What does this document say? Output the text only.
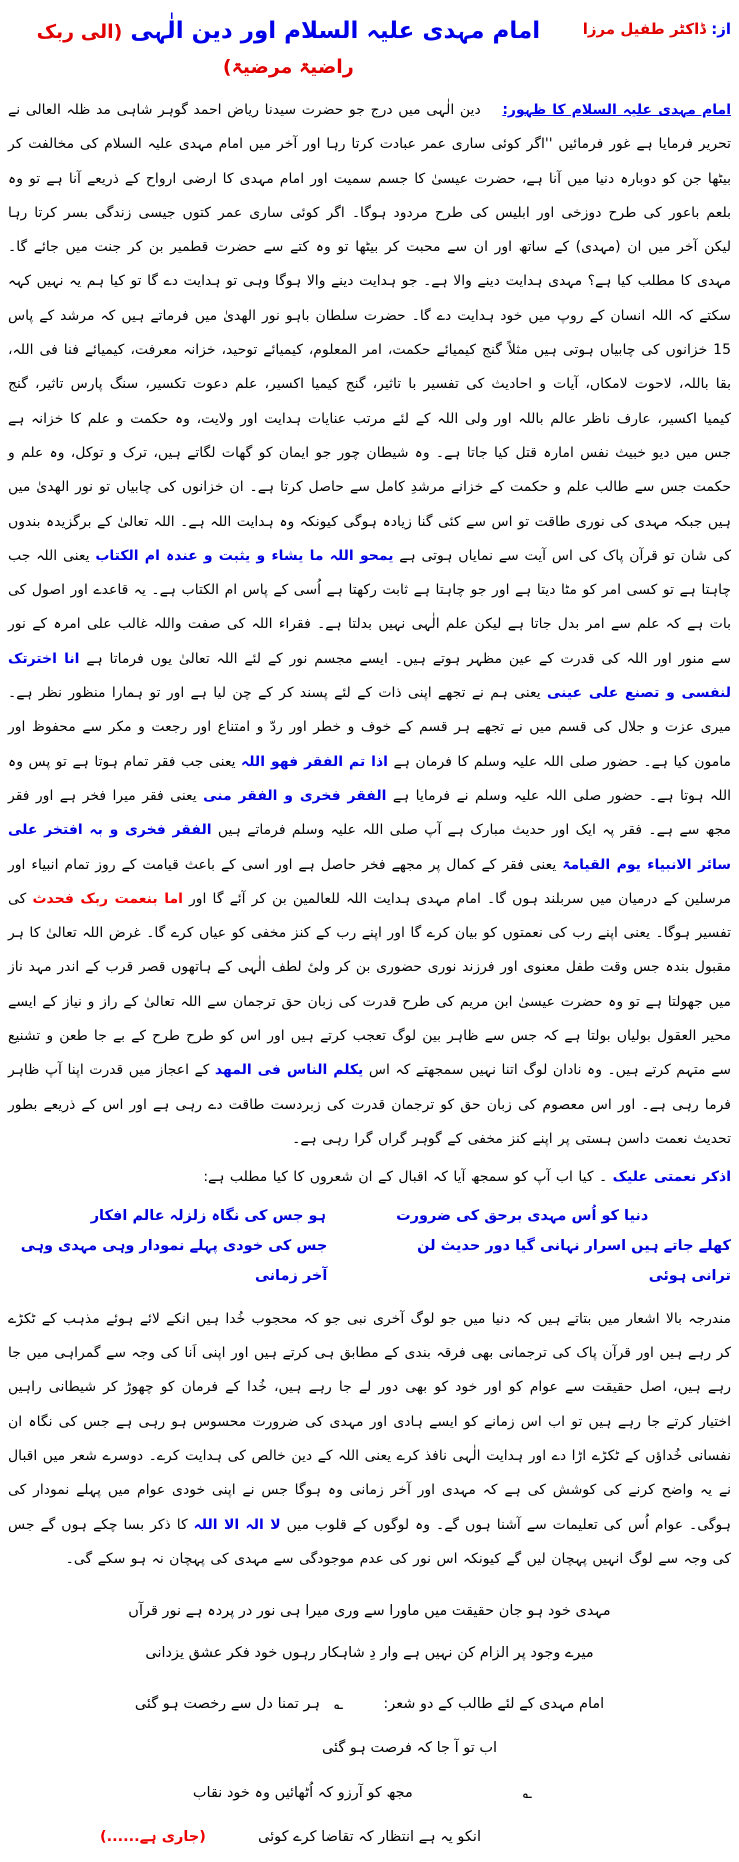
از: ڈاکٹر طفیل مرزا
امام مہدی علیہ السلام اور دین الٰہی (الی ربک راضیۃ مرضیۃ)

امام مہدی علیہ السلام کا ظہور: دین الٰہی میں درج جو حضرت سیدنا ریاض احمد گوہر شاہی مد ظلہ العالی نے تحریر فرمایا ہے غور فرمائیں ''اگر کوئی ساری عمر عبادت کرتا رہا اور آخر میں امام مہدی علیہ السلام کی مخالفت کر بیٹھا جن کو دوبارہ دنیا میں آنا ہے، حضرت عیسیٰ کا جسم سمیت اور امام مہدی کا ارضی ارواح کے ذریعے آنا ہے تو وہ بلعم باعور کی طرح دوزخی اور ابلیس کی طرح مردود ہوگا۔ اگر کوئی ساری عمر کتوں جیسی زندگی بسر کرتا رہا لیکن آخر میں ان (مہدی) کے ساتھ اور ان سے محبت کر بیٹھا تو وہ کتے سے حضرت قطمیر بن کر جنت میں جائے گا۔ مہدی کا مطلب کیا ہے؟ مہدی ہدایت دینے والا ہے۔ جو ہدایت دینے والا ہوگا وہی تو ہدایت دے گا تو کیا ہم یہ نہیں کہہ سکتے کہ اللہ انسان کے روپ میں خود ہدایت دے گا۔ حضرت سلطان باہو نور الھدیٰ میں فرماتے ہیں کہ مرشد کے پاس 15 خزانوں کی چابیاں ہوتی ہیں مثلاً گنج کیمیائے حکمت، امر المعلوم، کیمیائے توحید، خزانہ معرفت، کیمیائے فنا فی اللہ، بقا باللہ، لاحوت لامکاں، آیات و احادیث کی تفسیر با تاثیر، گنج کیمیا اکسیر، علم دعوت تکسیر، سنگ پارس تاثیر، گنج کیمیا اکسیر، عارف ناظر عالم باللہ اور ولی اللہ کے لئے مرتب عنایات ہدایت اور ولایت، وہ حکمت و علم کا خزانہ ہے جس میں دیو خبیث نفس امارہ قتل کیا جاتا ہے۔ وہ شیطان چور جو ایمان کو گھات لگاتے ہیں، ترک و توکل، وہ علم و حکمت جس سے طالب علم و حکمت کے خزانے مرشدِ کامل سے حاصل کرتا ہے۔ ان خزانوں کی چابیاں تو نور الھدیٰ میں ہیں جبکہ مہدی کی نوری طاقت تو اس سے کئی گنا زیادہ ہوگی کیونکہ وہ ہدایت اللہ ہے۔ اللہ تعالیٰ کے برگزیدہ بندوں کی شان تو قرآن پاک کی اس آیت سے نمایاں ہوتی ہے یمحو اللہ ما یشاء و یثبت و عندہ ام الکتاب یعنی اللہ جب چاہتا ہے تو کسی امر کو مٹا دیتا ہے اور جو چاہتا ہے ثابت رکھتا ہے اُسی کے پاس ام الکتاب ہے۔ یہ قاعدے اور اصول کی بات ہے کہ علم سے امر بدل جاتا ہے لیکن علم الٰہی نہیں بدلتا ہے۔ فقراء اللہ کی صفت واللہ غالب علی امرہ کے نور سے منور اور اللہ کی قدرت کے عین مظہر ہوتے ہیں۔ ایسے مجسم نور کے لئے اللہ تعالیٰ یوں فرماتا ہے انا اخترتک لنفسی و تصنع علی عینی یعنی ہم نے تجھے اپنی ذات کے لئے پسند کر کے چن لیا ہے اور تو ہمارا منظور نظر ہے۔ میری عزت و جلال کی قسم میں نے تجھے ہر قسم کے خوف و خطر اور ردّ و امتناع اور رجعت و مکر سے محفوظ اور مامون کیا ہے۔ حضور صلی اللہ علیہ وسلم کا فرمان ہے اذا تم الفقر فھو اللہ یعنی جب فقر تمام ہوتا ہے تو پس وہ اللہ ہوتا ہے۔ حضور صلی اللہ علیہ وسلم نے فرمایا ہے الفقر فخری و الفقر منی یعنی فقر میرا فخر ہے اور فقر مجھ سے ہے۔ فقر پہ ایک اور حدیث مبارک ہے آپ صلی اللہ علیہ وسلم فرماتے ہیں الفقر فخری و بہ افتخر علی سائر الانبیاء یوم القیامۃ یعنی فقر کے کمال پر مجھے فخر حاصل ہے اور اسی کے باعث قیامت کے روز تمام انبیاء اور مرسلین کے درمیان میں سربلند ہوں گا۔ امام مہدی ہدایت اللہ للعالمین بن کر آئے گا اور اما بنعمت ربک فحدث کی تفسیر ہوگا۔ یعنی اپنے رب کی نعمتوں کو بیان کرے گا اور اپنے رب کے کنز مخفی کو عیاں کرے گا۔ غرض اللہ تعالیٰ کا ہر مقبول بندہ جس وقت طفل معنوی اور فرزند نوری حضوری بن کر ولیٔ لطف الٰہی کے ہاتھوں قصر قرب کے اندر مہد ناز میں جھولتا ہے تو وہ حضرت عیسیٰ ابن مریم کی طرح قدرت کی زبان حق ترجمان سے اللہ تعالیٰ کے راز و نیاز کے ایسے محیر العقول بولیاں بولتا ہے کہ جس سے ظاہر بین لوگ تعجب کرتے ہیں اور اس کو طرح طرح کے بے جا طعن و تشنیع سے متہم کرتے ہیں۔ وہ نادان لوگ اتنا نہیں سمجھتے کہ اس یکلم الناس فی المھد کے اعجاز میں قدرت اپنا آپ ظاہر فرما رہی ہے۔ اور اس معصوم کی زبان حق کو ترجمان قدرت کی زبردست طاقت دے رہی ہے اور اس کے ذریعے بطور تحدیث نعمت داسن ہستی پر اپنے کنز مخفی کے گوہر گراں گرا رہی ہے۔

اذکر نعمتی علیک ۔ کیا اب آپ کو سمجھ آیا کہ اقبال کے ان شعروں کا کیا مطلب ہے:

دنیا کو اُس مہدی برحق کی ضرورت
ہو جس کی نگاہ زلزلہ عالم افکار
کھلے جاتے ہیں اسرار نہانی گیا دور حدیث لن ترانی ہوئی
جس کی خودی پہلے نمودار وہی مہدی وہی آخر زمانی

مندرجہ بالا اشعار میں بتاتے ہیں کہ دنیا میں جو لوگ آخری نبی جو کہ محجوب خُدا ہیں انکے لائے ہوئے مذہب کے ٹکڑے کر رہے ہیں اور قرآن پاک کی ترجمانی بھی فرقہ بندی کے مطابق ہی کرتے ہیں اور اپنی اَنا کی وجہ سے گمراہی میں جا رہے ہیں، اصل حقیقت سے عوام کو اور خود کو بھی دور لے جا رہے ہیں، خُدا کے فرمان کو چھوڑ کر شیطانی راہیں اختیار کرتے جا رہے ہیں تو اب اس زمانے کو ایسے ہادی اور مہدی کی ضرورت محسوس ہو رہی ہے جس کی نگاہ ان نفسانی خُداؤں کے ٹکڑے اڑا دے اور ہدایت الٰہی نافذ کرے یعنی اللہ کے دین خالص کی ہدایت کرے۔ دوسرے شعر میں اقبال نے یہ واضح کرنے کی کوشش کی ہے کہ مہدی اور آخر زمانی وہ ہوگا جس نے اپنی خودی عوام میں پہلے نمودار کی ہوگی۔ عوام اُس کی تعلیمات سے آشنا ہوں گے۔ وہ لوگوں کے قلوب میں لا الہ الا اللہ کا ذکر بسا چکے ہوں گے جس کی وجہ سے لوگ انہیں پہچان لیں گے کیونکہ اس نور کی عدم موجودگی سے مہدی کی پہچان نہ ہو سکے گی۔

مہدی خود ہو جان حقیقت میں ماورا سے وری میرا ہی نور در پردہ ہے نور قرآں
میرے وجود پر الزام کن نہیں ہے وار دِ شاہکار رہوں خود فکر عشق یزدانی
امام مہدی کے لئے طالب کے دو شعر:
؎
ہر تمنا دل سے رخصت ہو گئی
اب تو آ جا کہ فرصت ہو گئی
؎
مجھ کو آرزو کہ اُٹھائیں وہ خود نقاب
انکو یہ ہے انتظار کہ تقاضا کرے کوئی
(جاری ہے......)
